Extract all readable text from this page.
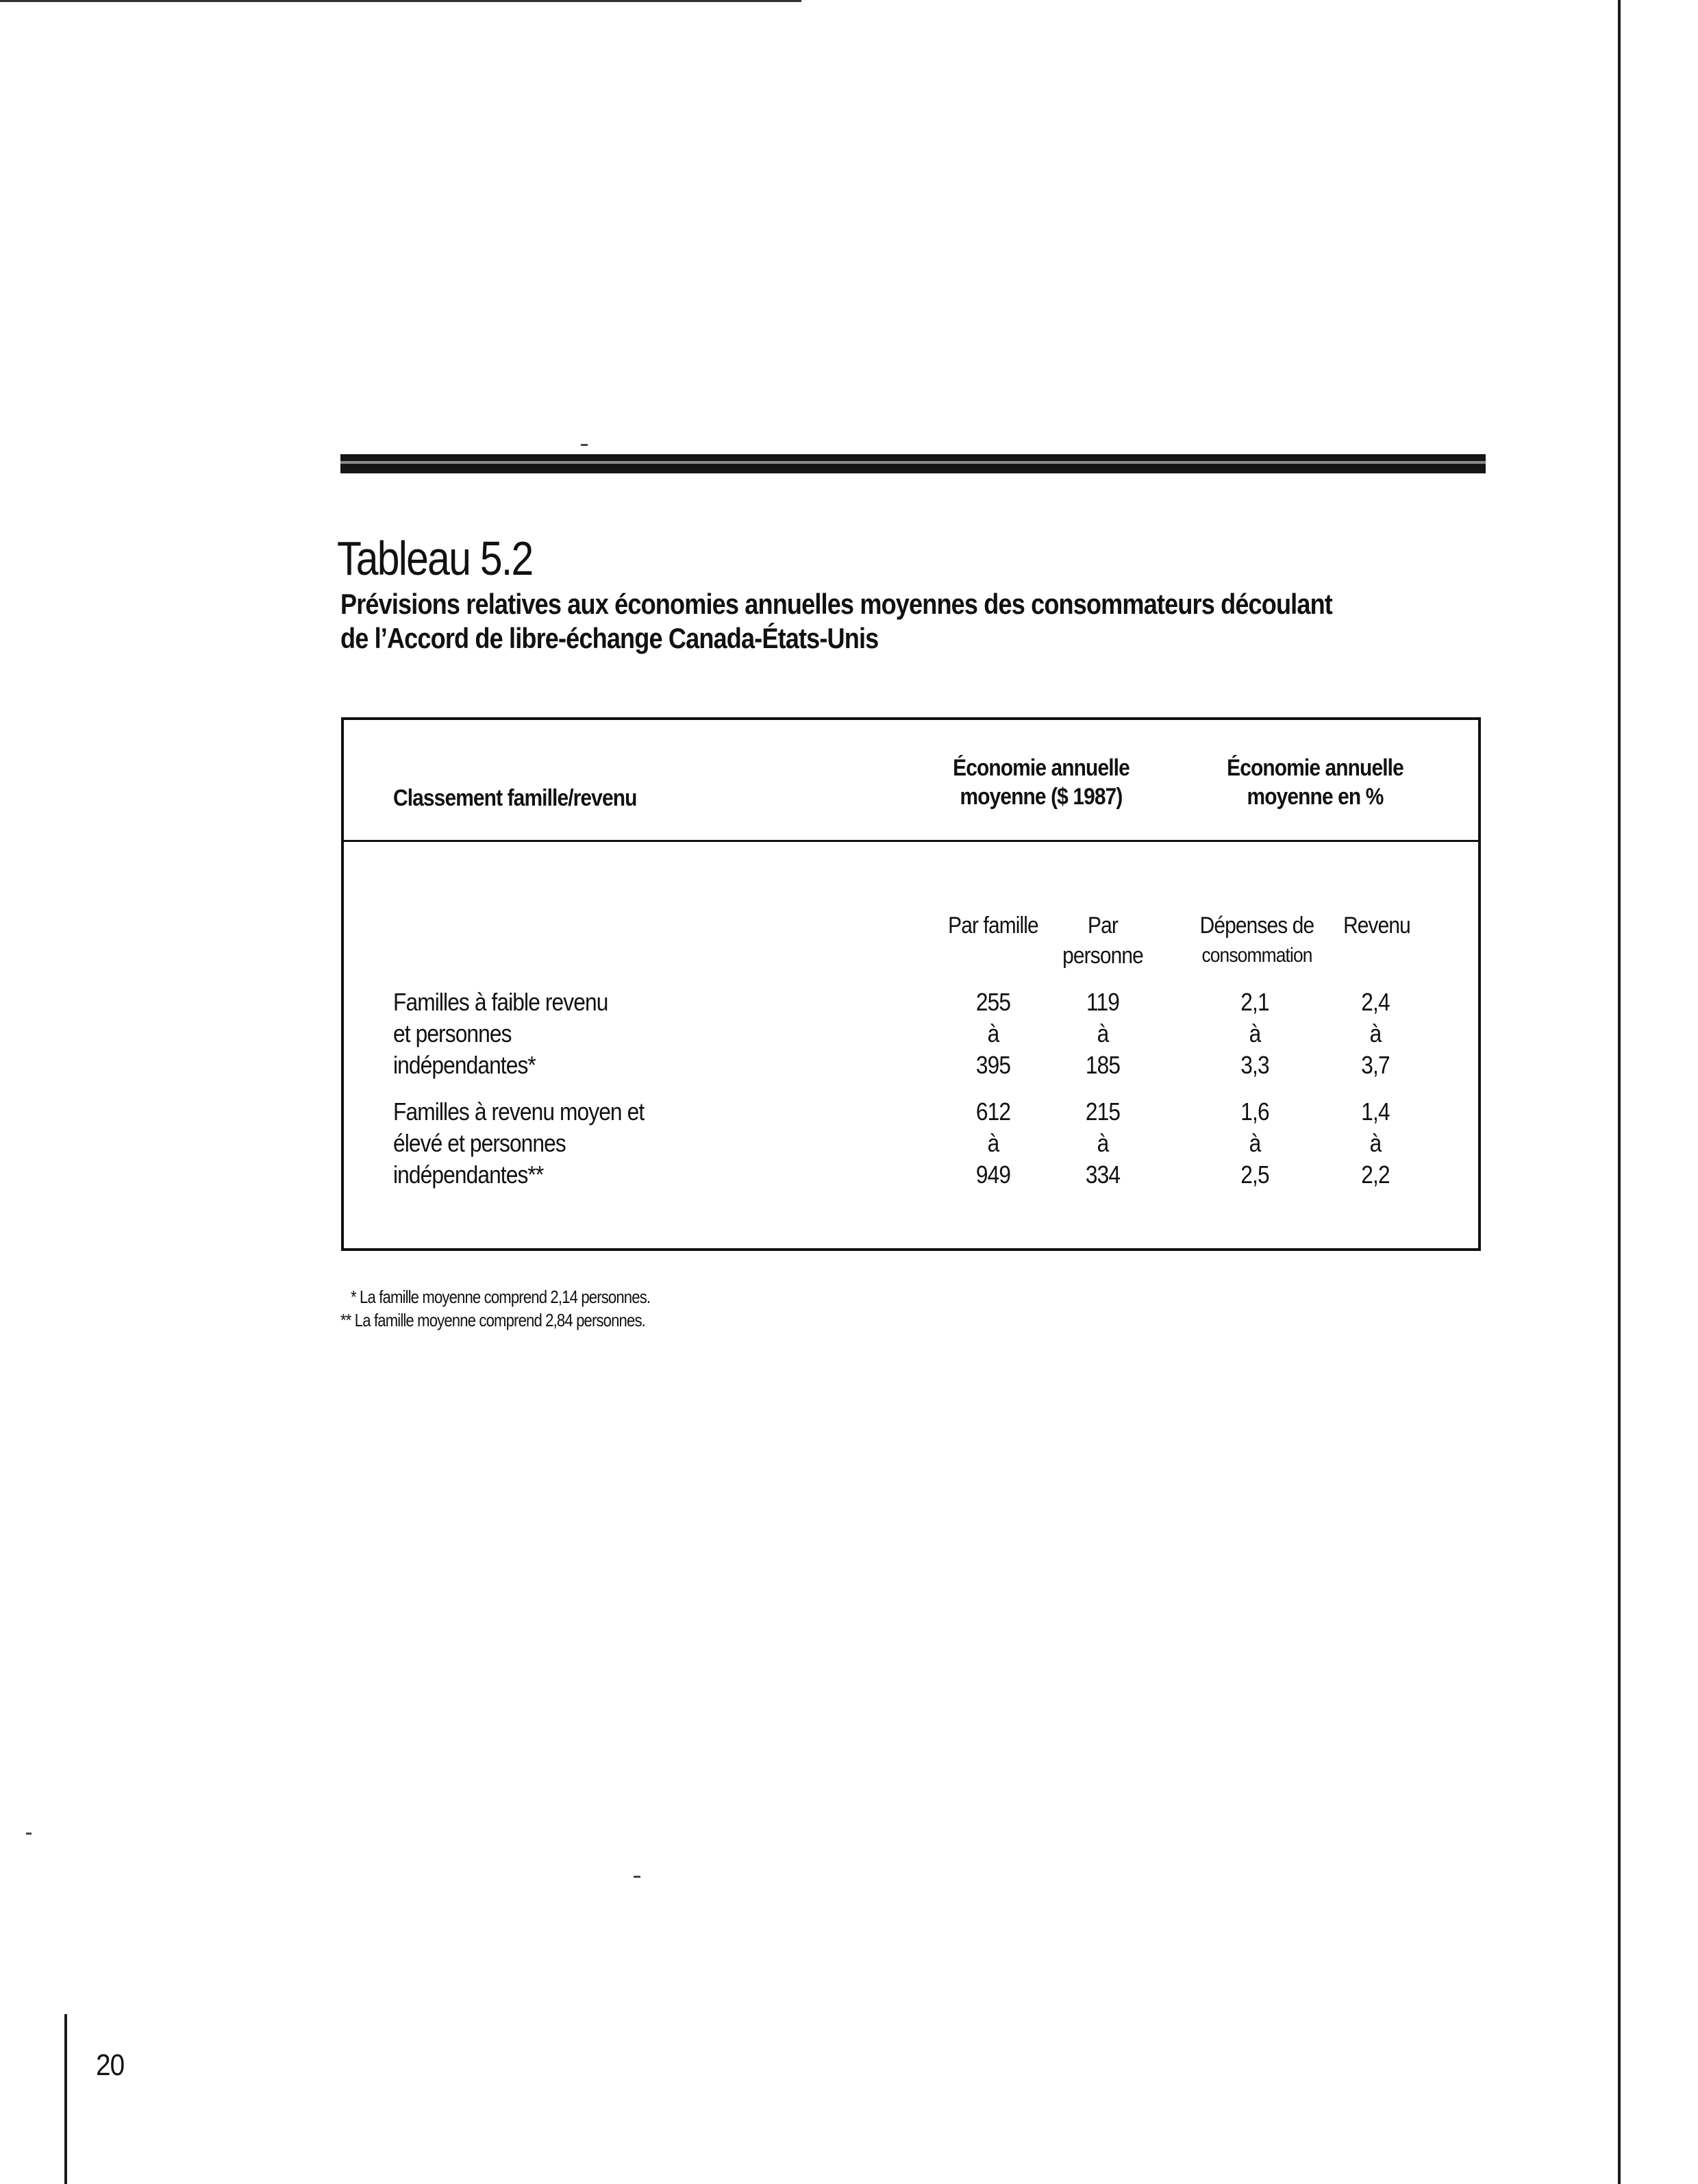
Tableau 5.2
Prévisions relatives aux économies annuelles moyennes des consommateurs découlant
de l’Accord de libre-échange Canada-États-Unis
Classement famille/revenu
Économie annuelle
moyenne ($ 1987)
Économie annuelle
moyenne en %
Par famille	Par
personne
Dépenses de
consommation
Revenu
Familles à faible revenu
et personnes
indépendantes*
255
à
395
119
à
185
2,1
à
3,3
2,4
à
3,7
Familles à revenu moyen et
élevé et personnes
indépendantes**
612
à
949
215
à
334
1,6
à
2,5
1,4
à
2,2
* La famille moyenne comprend 2,14 personnes.
** La famille moyenne comprend 2,84 personnes.
20
